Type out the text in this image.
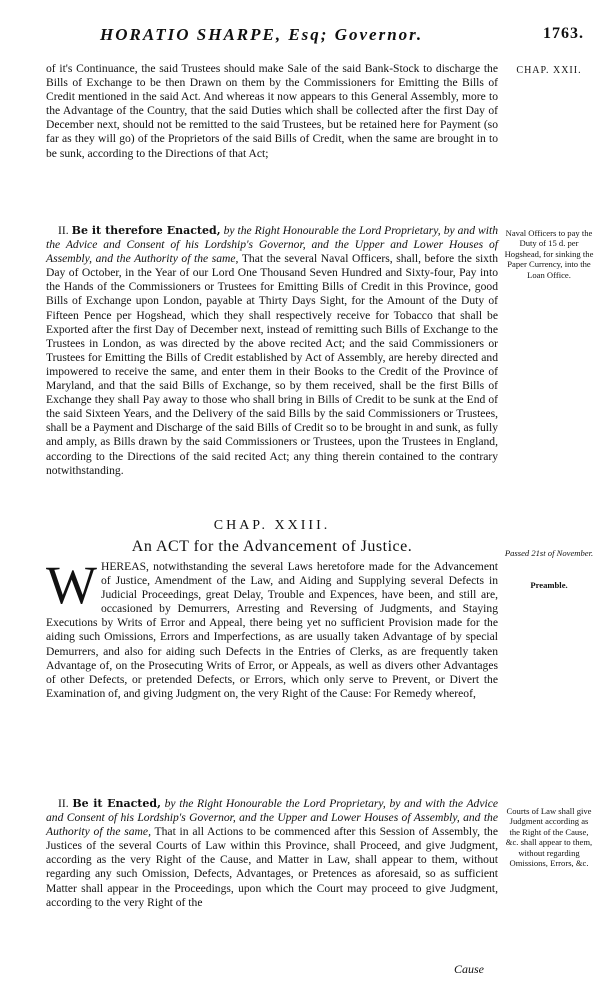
HORATIO SHARPE, Esq; Governor.	1763.

of it's Continuance, the said Trustees should make Sale of the said Bank-Stock to discharge the Bills of Exchange to be then Drawn on them by the Commissioners for Emitting the Bills of Credit mentioned in the said Act. And whereas it now appears to this General Assembly, more to the Advantage of the Country, that the said Duties which shall be collected after the first Day of December next, should not be remitted to the said Trustees, but be retained here for Payment (so far as they will go) of the Proprietors of the said Bills of Credit, when the same are brought in to be sunk, according to the Directions of that Act;

II. Be it therefore Enacted, by the Right Honourable the Lord Proprietary, by and with the Advice and Consent of his Lordship's Governor, and the Upper and Lower Houses of Assembly, and the Authority of the same, That the several Naval Officers, shall, before the sixth Day of October, in the Year of our Lord One Thousand Seven Hundred and Sixty-four, Pay into the Hands of the Commissioners or Trustees for Emitting Bills of Credit in this Province, good Bills of Exchange upon London, payable at Thirty Days Sight, for the Amount of the Duty of Fifteen Pence per Hogshead, which they shall respectively receive for Tobacco that shall be Exported after the first Day of December next, instead of remitting such Bills of Exchange to the Trustees in London, as was directed by the above recited Act; and the said Commissioners or Trustees for Emitting the Bills of Credit established by Act of Assembly, are hereby directed and impowered to receive the same, and enter them in their Books to the Credit of the Province of Maryland, and that the said Bills of Exchange, so by them received, shall be the first Bills of Exchange they shall Pay away to those who shall bring in Bills of Credit to be sunk at the End of the said Sixteen Years, and the Delivery of the said Bills by the said Commissioners or Trustees, shall be a Payment and Discharge of the said Bills of Credit so to be brought in and sunk, as fully and amply, as Bills drawn by the said Commissioners or Trustees, upon the Trustees in England, according to the Directions of the said recited Act; any thing therein contained to the contrary notwithstanding.

CHAP. XXIII.
An ACT for the Advancement of Justice.
W HEREAS, notwithstanding the several Laws heretofore made for the Advancement of Justice, Amendment of the Law, and Aiding and Supplying several Defects in Judicial Proceedings, great Delay, Trouble and Expences, have been, and still are, occasioned by Demurrers, Arresting and Reversing of Judgments, and Staying Executions by Writs of Error and Appeal, there being yet no sufficient Provision made for the aiding such Omissions, Errors and Imperfections, as are usually taken Advantage of by special Demurrers, and also for aiding such Defects in the Entries of Clerks, as are frequently taken Advantage of, on the Prosecuting Writs of Error, or Appeals, as well as divers other Advantages of other Defects, or pretended Defects, or Errors, which only serve to Prevent, or Divert the Examination of, and giving Judgment on, the very Right of the Cause: For Remedy whereof,

II. Be it Enacted, by the Right Honourable the Lord Proprietary, by and with the Advice and Consent of his Lordship's Governor, and the Upper and Lower Houses of Assembly, and the Authority of the same, That in all Actions to be commenced after this Session of Assembly, the Justices of the several Courts of Law within this Province, shall Proceed, and give Judgment, according as the very Right of the Cause, and Matter in Law, shall appear to them, without regarding any such Omission, Defects, Advantages, or Pretences as aforesaid, so as sufficient Matter shall appear in the Proceedings, upon which the Court may proceed to give Judgment, according to the very Right of the

CHAP. XXII.
Naval Officers to pay the Duty of 15 d. per Hogshead, for sinking the Paper Currency, into the Loan Office.
Passed 21st of November.
Preamble.
Courts of Law shall give Judgment according as the Right of the Cause, &c. shall appear to them, without regarding Omissions, Errors, &c.
Cause
